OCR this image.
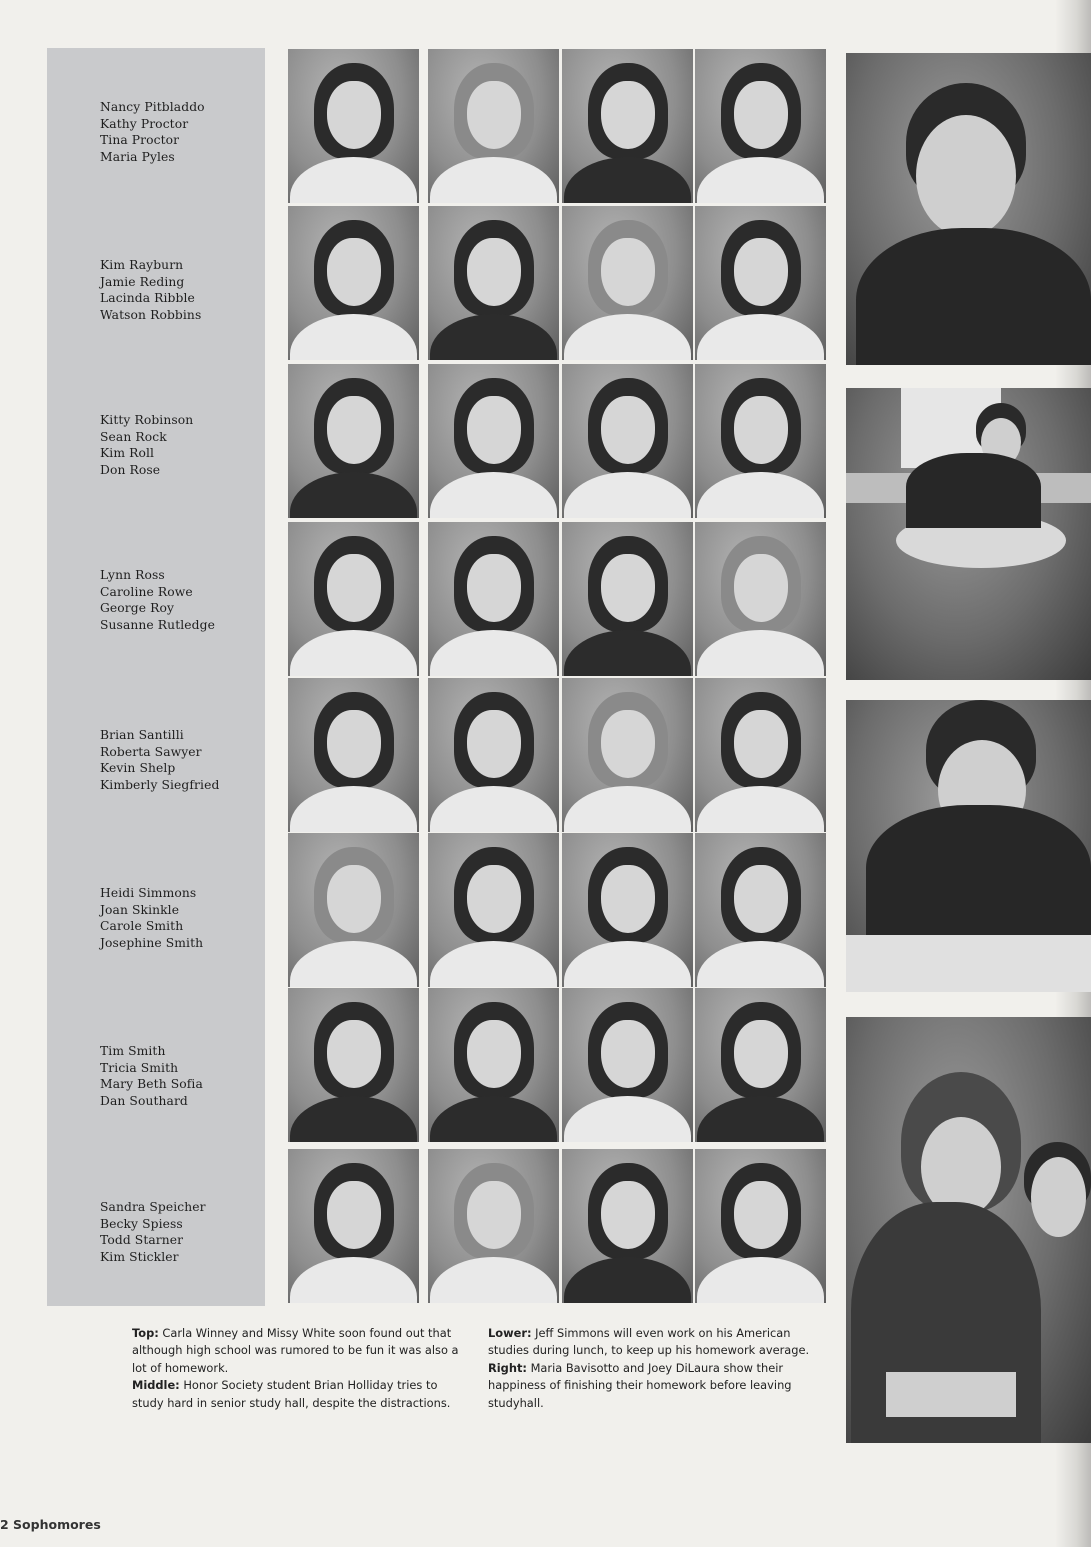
Nancy Pitbladdo
Kathy Proctor
Tina Proctor
Maria Pyles
Kim Rayburn
Jamie Reding
Lacinda Ribble
Watson Robbins
Kitty Robinson
Sean Rock
Kim Roll
Don Rose
Lynn Ross
Caroline Rowe
George Roy
Susanne Rutledge
Brian Santilli
Roberta Sawyer
Kevin Shelp
Kimberly Siegfried
Heidi Simmons
Joan Skinkle
Carole Smith
Josephine Smith
Tim Smith
Tricia Smith
Mary Beth Sofia
Dan Southard
Sandra Speicher
Becky Spiess
Todd Starner
Kim Stickler

Top: Carla Winney and Missy White soon found out that although high school was rumored to be fun it was also a lot of homework.

Middle: Honor Society student Brian Holliday tries to study hard in senior study hall, despite the distractions.

Lower: Jeff Simmons will even work on his American studies during lunch, to keep up his homework average.

Right: Maria Bavisotto and Joey DiLaura show their happiness of finishing their homework before leaving studyhall.

2 Sophomores
